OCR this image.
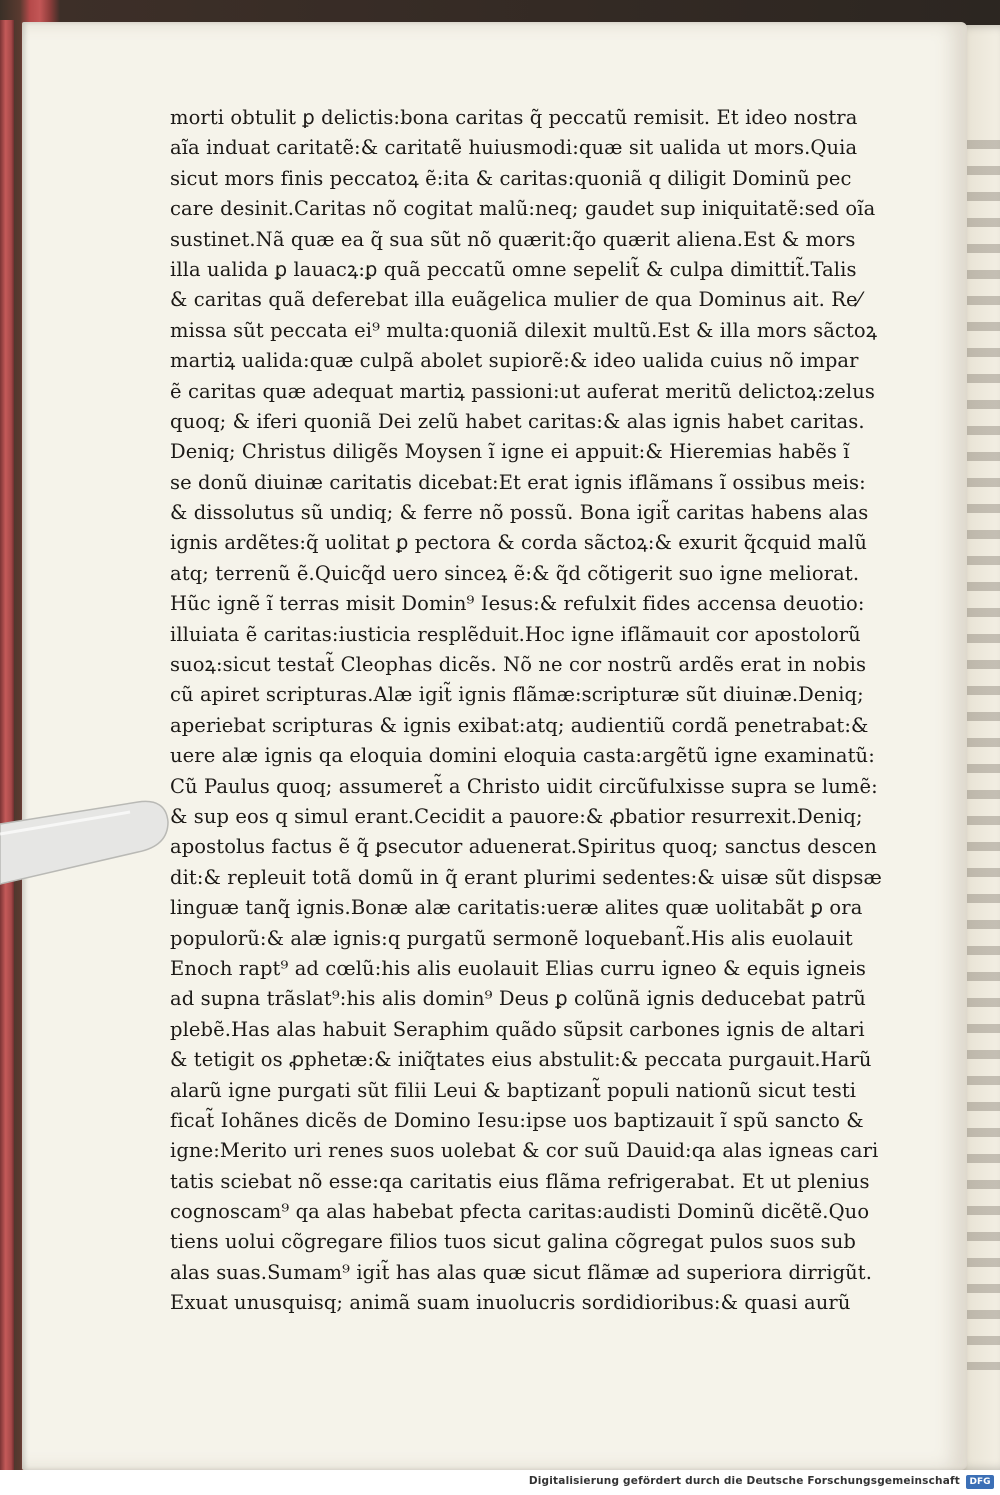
morti obtulit ꝑ delictis:bona caritas q̃ peccatũ remisit. Et ideo nostra
aĩa induat caritatẽ:& caritatẽ huiusmodi:quæ sit ualida ut mors.Quia
sicut mors finis peccatoꝝ ẽ:ita & caritas:quoniã q diligit Dominũ pec
care desinit.Caritas nõ cogitat malũ:neq; gaudet sup iniquitatẽ:sed oĩa
sustinet.Nã quæ ea q̃ sua sũt nõ quærit:q̃o quærit aliena.Est & mors
illa ualida ꝑ lauacꝝ:ꝑ quã peccatũ omne sepelit̃ & culpa dimittit̃.Talis
& caritas quã deferebat illa euãgelica mulier de qua Dominus ait. Re⁄
missa sũt peccata ei⁹ multa:quoniã dilexit multũ.Est & illa mors sãctoꝝ
martiꝝ ualida:quæ culpã abolet supiorẽ:& ideo ualida cuius nõ impar
ẽ caritas quæ adequat martiꝝ passioni:ut auferat meritũ delictoꝝ:zelus
quoq; & iferi quoniã Dei zelũ habet caritas:& alas ignis habet caritas.
Deniq; Christus diligẽs Moysen ĩ igne ei appuit:& Hieremias habẽs ĩ
se donũ diuinæ caritatis dicebat:Et erat ignis iflãmans ĩ ossibus meis:
& dissolutus sũ undiq; & ferre nõ possũ. Bona igit̃ caritas habens alas
ignis ardẽtes:q̃ uolitat ꝑ pectora & corda sãctoꝝ:& exurit q̃cquid malũ
atq; terrenũ ẽ.Quicq̃d uero sinceꝝ ẽ:& q̃d cõtigerit suo igne meliorat.
Hũc ignẽ ĩ terras misit Domin⁹ Iesus:& refulxit fides accensa deuotio:
illuiata ẽ caritas:iusticia resplẽduit.Hoc igne iflãmauit cor apostolorũ
suoꝝ:sicut testat̃ Cleophas dicẽs. Nõ ne cor nostrũ ardẽs erat in nobis
cũ apiret scripturas.Alæ igit̃ ignis flãmæ:scripturæ sũt diuinæ.Deniq;
aperiebat scripturas & ignis exibat:atq; audientiũ cordã penetrabat:&
uere alæ ignis qa eloquia domini eloquia casta:argẽtũ igne examinatũ:
Cũ Paulus quoq; assumeret̃ a Christo uidit circũfulxisse supra se lumẽ:
& sup eos q simul erant.Cecidit a pauore:& ꝓbatior resurrexit.Deniq;
apostolus factus ẽ q̃ ꝑsecutor aduenerat.Spiritus quoq; sanctus descen
dit:& repleuit totã domũ in q̃ erant plurimi sedentes:& uisæ sũt dispsæ
linguæ tanq̃ ignis.Bonæ alæ caritatis:ueræ alites quæ uolitabãt ꝑ ora
populorũ:& alæ ignis:q purgatũ sermonẽ loquebant̃.His alis euolauit
Enoch rapt⁹ ad cœlũ:his alis euolauit Elias curru igneo & equis igneis
ad supna trãslat⁹:his alis domin⁹ Deus ꝑ colũnã ignis deducebat patrũ
plebẽ.Has alas habuit Seraphim quãdo sũpsit carbones ignis de altari
& tetigit os ꝓphetæ:& iniq̃tates eius abstulit:& peccata purgauit.Harũ
alarũ igne purgati sũt filii Leui & baptizant̃ populi nationũ sicut testi
ficat̃ Iohãnes dicẽs de Domino Iesu:ipse uos baptizauit ĩ spũ sancto &
igne:Merito uri renes suos uolebat & cor suũ Dauid:qa alas igneas cari
tatis sciebat nõ esse:qa caritatis eius flãma refrigerabat. Et ut plenius
cognoscam⁹ qa alas habebat pfecta caritas:audisti Dominũ dicẽtẽ.Quo
tiens uolui cõgregare filios tuos sicut galina cõgregat pulos suos sub
alas suas.Sumam⁹ igit̃ has alas quæ sicut flãmæ ad superiora dirrigũt.
Exuat unusquisq; animã suam inuolucris sordidioribus:& quasi aurũ
Digitalisierung gefördert durch die Deutsche Forschungsgemeinschaft	DFG
